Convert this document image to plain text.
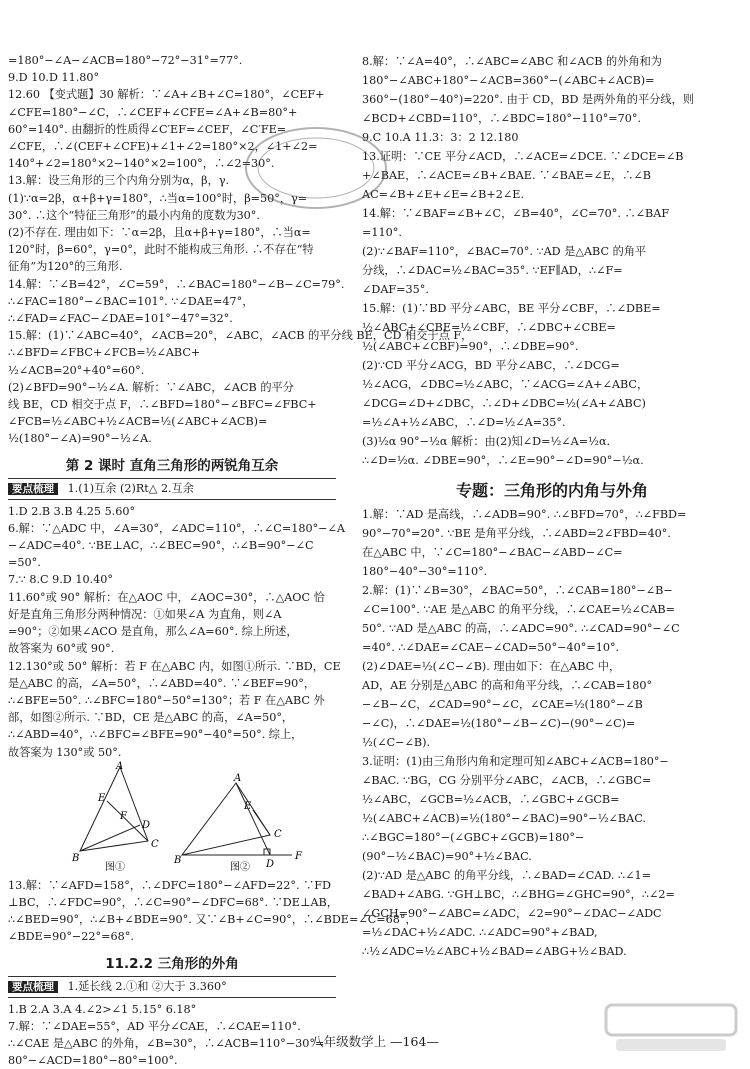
=180°−∠A−∠ACB=180°−72°−31°=77°.
9.D 10.D 11.80°
12.60 【变式题】30 解析：∵∠A+∠B+∠C=180°，∠CEF+
∠CFE=180°−∠C，∴∠CEF+∠CFE=∠A+∠B=80°+
60°=140°. 由翻折的性质得∠C′EF=∠CEF，∠C′FE=
∠CFE，∴∠(CEF+∠CFE)+∠1+∠2=180°×2，∠1+∠2=
140°+∠2=180°×2−140°×2=100°，∴∠2=30°.
13.解：设三角形的三个内角分别为α，β，γ.
(1)∵α=2β，α+β+γ=180°，∴当α=100°时，β=50°，γ=
30°. ∴这个“特征三角形”的最小内角的度数为30°.
(2)不存在. 理由如下：∵α=2β，且α+β+γ=180°，∴当α=
120°时，β=60°，γ=0°，此时不能构成三角形. ∴不存在“特
征角”为120°的三角形.
14.解：∵∠B=42°，∠C=59°，∴∠BAC=180°−∠B−∠C=79°.
∴∠FAC=180°−∠BAC=101°. ∵∠DAE=47°，
∴∠FAD=∠FAC−∠DAE=101°−47°=32°.
15.解：(1)∵∠ABC=40°，∠ACB=20°，∠ABC，∠ACB 的平分线 BE，CD 相交于点 F，
∴∠BFD=∠FBC+∠FCB=½∠ABC+
½∠ACB=20°+40°=60°.
(2)∠BFD=90°−½∠A. 解析：∵∠ABC，∠ACB 的平分
线 BE，CD 相交于点 F，∴∠BFD=180°−∠BFC=∠FBC+
∠FCB=½∠ABC+½∠ACB=½(∠ABC+∠ACB)=
½(180°−∠A)=90°−½∠A.
第 2 课时 直角三角形的两锐角互余
要点梳理 1.(1)互余 (2)Rt△ 2.互余
1.D 2.B 3.B 4.25 5.60°
6.解：∵△ADC 中，∠A=30°，∠ADC=110°，∴∠C=180°−∠A
−∠ADC=40°. ∵BE⊥AC，∴∠BEC=90°，∴∠B=90°−∠C
=50°.
7.∵ 8.C 9.D 10.40°
11.60°或 90° 解析：在△AOC 中，∠AOC=30°，∴△AOC 恰
好是直角三角形分两种情况：①如果∠A 为直角，则∠A
=90°；②如果∠ACO 是直角，那么∠A=60°. 综上所述，
故答案为 60°或 90°.
12.130°或 50° 解析：若 F 在△ABC 内，如图①所示. ∵BD，CE
是△ABC 的高，∠A=50°，∴∠ABD=40°. ∵∠BEF=90°，
∴∠BFE=50°. ∴∠BFC=180°−50°=130°；若 F 在△ABC 外
部，如图②所示. ∵BD，CE 是△ABC 的高，∠A=50°，
∴∠ABD=40°，∴∠BFC=∠BFE=90°−40°=50°. 综上，
故答案为 130°或 50°.
A
B
C
D
E
F
图①
A
B
C
D
E
F
图②
13.解：∵∠AFD=158°，∴∠DFC=180°−∠AFD=22°. ∵FD
⊥BC，∴∠FDC=90°，∴∠C=90°−∠DFC=68°. ∵DE⊥AB，
∴∠BED=90°，∴∠B+∠BDE=90°. 又∵∠B+∠C=90°，∴∠BDE=∠C=68°，
∠BDE=90°−22°=68°.
11.2.2 三角形的外角
要点梳理 1.延长线 2.①和 ②大于 3.360°
1.B 2.A 3.A 4.∠2>∠1 5.15° 6.18°
7.解：∵∠DAE=55°，AD 平分∠CAE，∴∠CAE=110°.
∴∠CAE 是△ABC 的外角，∠B=30°，∴∠ACB=110°−30°=
80°−∠ACD=180°−80°=100°.
8.解：∵∠A=40°，∴∠ABC=∠ABC 和∠ACB 的外角和为
180°−∠ABC+180°−∠ACB=360°−(∠ABC+∠ACB)=
360°−(180°−40°)=220°. 由于 CD，BD 是两外角的平分线，则
∠BCD+∠CBD=110°，∴∠BDC=180°−110°=70°.
9.C 10.A 11.3：3：2 12.180
13.证明：∵CE 平分∠ACD，∴∠ACE=∠DCE. ∵∠DCE=∠B
+∠BAE，∴∠ACE=∠B+∠BAE. ∵∠BAE=∠E，∴∠B
AC=∠B+∠E+∠E=∠B+2∠E.
14.解：∵∠BAF=∠B+∠C，∠B=40°，∠C=70°. ∴∠BAF
=110°.
(2)∵∠BAF=110°，∠BAC=70°. ∵AD 是△ABC 的角平
分线，∴∠DAC=½∠BAC=35°. ∵EF∥AD，∴∠F=
∠DAF=35°.
15.解：(1)∵BD 平分∠ABC，BE 平分∠CBF，∴∠DBE=
½∠ABC+∠CBE=½∠CBF，∴∠DBC+∠CBE=
½(∠ABC+∠CBF)=90°，∴∠DBE=90°.
(2)∵CD 平分∠ACG，BD 平分∠ABC，∴∠DCG=
½∠ACG，∠DBC=½∠ABC，∵∠ACG=∠A+∠ABC，
∠DCG=∠D+∠DBC，∴∠D+∠DBC=½(∠A+∠ABC)
=½∠A+½∠ABC，∴∠D=½∠A=35°.
(3)½α 90°−½α 解析：由(2)知∠D=½∠A=½α.
∴∠D=½α. ∠DBE=90°，∴∠E=90°−∠D=90°−½α.
专题：三角形的内角与外角
1.解：∵AD 是高线，∴∠ADB=90°. ∴∠BFD=70°，∴∠FBD=
90°−70°=20°. ∵BE 是角平分线，∴∠ABD=2∠FBD=40°.
在△ABC 中，∵∠C=180°−∠BAC−∠ABD−∠C=
180°−40°−30°=110°.
2.解：(1)∵∠B=30°，∠BAC=50°，∴∠CAB=180°−∠B−
∠C=100°. ∵AE 是△ABC 的角平分线，∴∠CAE=½∠CAB=
50°. ∵AD 是△ABC 的高，∴∠ADC=90°. ∴∠CAD=90°−∠C
=40°. ∴∠DAE=∠CAE−∠CAD=50°−40°=10°.
(2)∠DAE=½(∠C−∠B). 理由如下：在△ABC 中，
AD，AE 分别是△ABC 的高和角平分线，∴∠CAB=180°
−∠B−∠C，∠CAD=90°−∠C，∠CAE=½(180°−∠B
−∠C)，∴∠DAE=½(180°−∠B−∠C)−(90°−∠C)=
½(∠C−∠B).
3.证明：(1)由三角形内角和定理可知∠ABC+∠ACB=180°−
∠BAC. ∵BG，CG 分别平分∠ABC，∠ACB，∴∠GBC=
½∠ABC，∠GCB=½∠ACB，∴∠GBC+∠GCB=
½(∠ABC+∠ACB)=½(180°−∠BAC)=90°−½∠BAC.
∴∠BGC=180°−(∠GBC+∠GCB)=180°−
(90°−½∠BAC)=90°+½∠BAC.
(2)∵AD 是△ABC 的角平分线，∴∠BAD=∠CAD. ∴∠1=
∠BAD+∠ABG. ∵GH⊥BC，∴∠BHG=∠GHC=90°，∴∠2=
∠GCH=90°−∠ABC=∠ADC，∠2=90°−∠DAC−∠ADC
=½∠DAC+½∠ADC. ∴∠ADC=90°+∠BAD,
∴½∠ADC=½∠ABC+½∠BAD=∠ABG+½∠BAD.
八年级数学上 —164—
